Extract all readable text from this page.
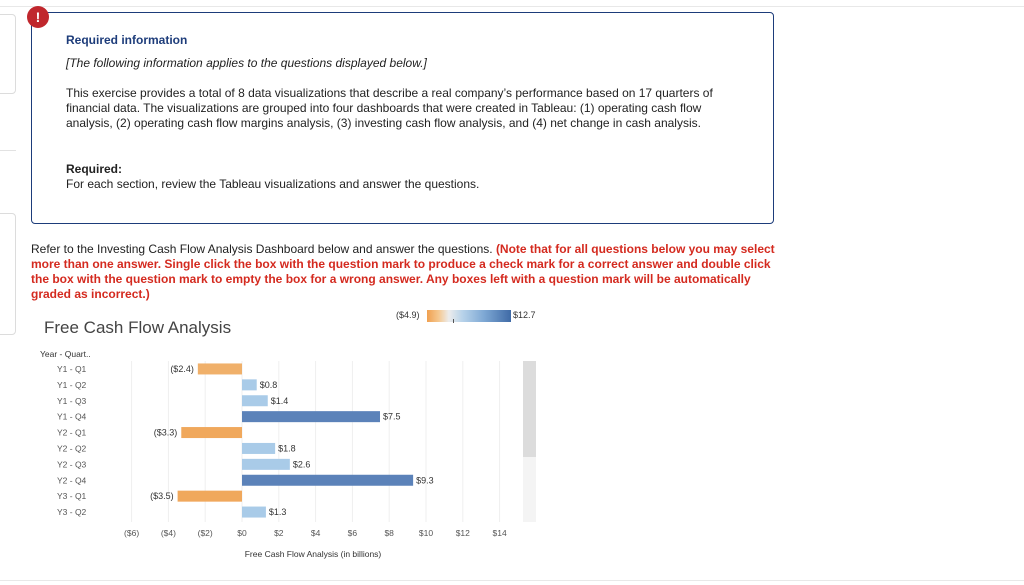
!
Required information
[The following information applies to the questions displayed below.]

This exercise provides a total of 8 data visualizations that describe a real company’s performance based on 17 quarters of financial data. The visualizations are grouped into four dashboards that were created in Tableau: (1) operating cash flow analysis, (2) operating cash flow margins analysis, (3) investing cash flow analysis, and (4) net change in cash analysis.

Required:
For each section, review the Tableau visualizations and answer the questions.

Refer to the Investing Cash Flow Analysis Dashboard below and answer the questions. (Note that for all questions below you may select more than one answer. Single click the box with the question mark to produce a check mark for a correct answer and double click the box with the question mark to empty the box for a wrong answer. Any boxes left with a question mark will be automatically graded as incorrect.)

Free Cash Flow Analysis
($4.9)	$12.7
Year - Quart..
Y1 - Q1	($2.4)
Y1 - Q2	$0.8
Y1 - Q3	$1.4
Y1 - Q4	$7.5
Y2 - Q1	($3.3)
Y2 - Q2	$1.8
Y2 - Q3	$2.6
Y2 - Q4	$9.3
Y3 - Q1	($3.5)
Y3 - Q2	$1.3
($6)	($4)	($2)	$0	$2	$4	$6	$8	$10	$12	$14
Free Cash Flow Analysis (in billions)
